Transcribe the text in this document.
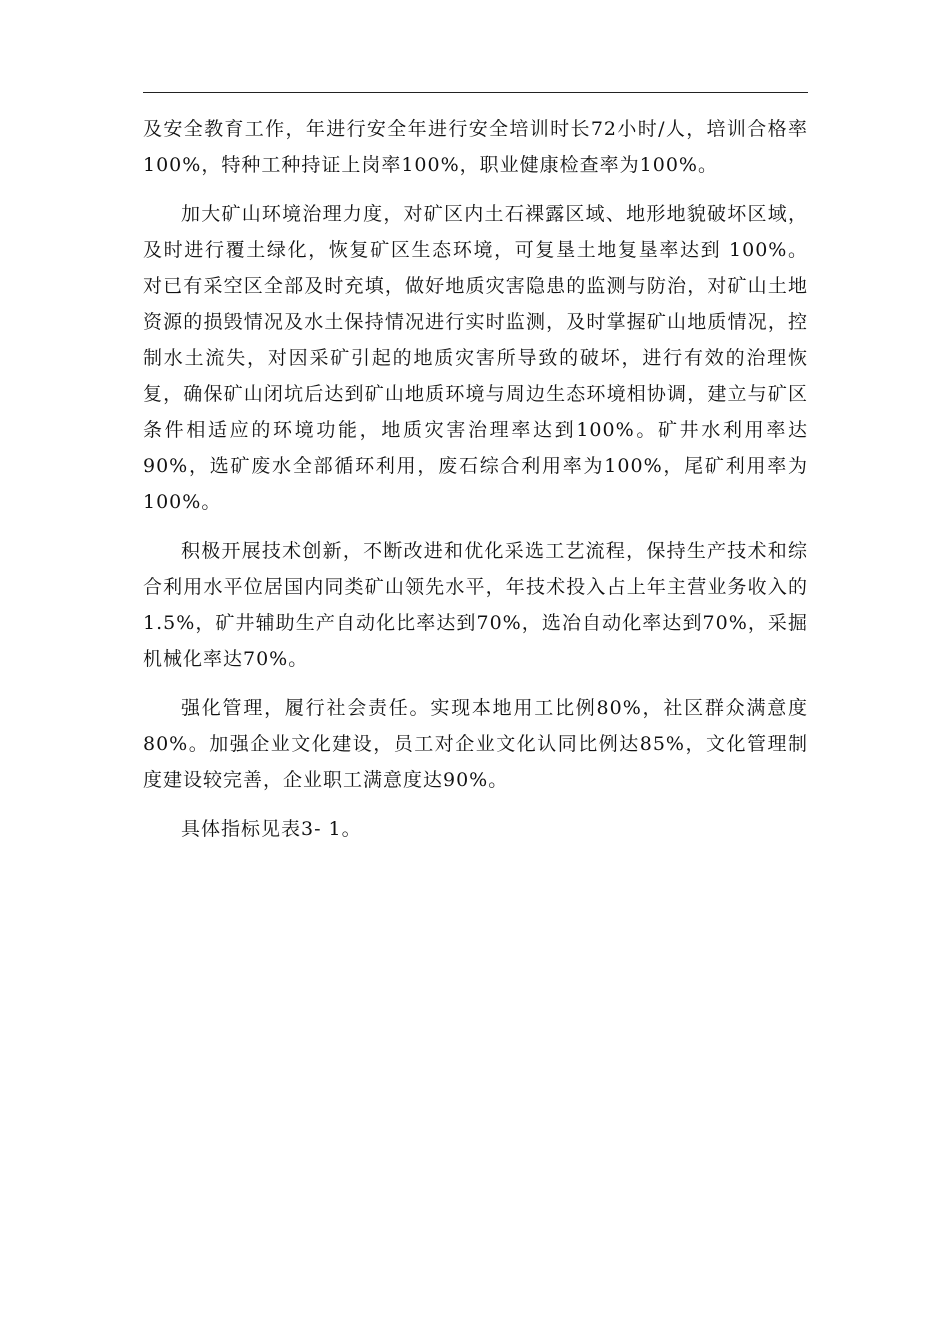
及安全教育工作，年进行安全年进行安全培训时长72小时/人，培训合格率100%，特种工种持证上岗率100%，职业健康检查率为100%。

加大矿山环境治理力度，对矿区内土石裸露区域、地形地貌破坏区域，及时进行覆土绿化，恢复矿区生态环境，可复垦土地复垦率达到 100%。对已有采空区全部及时充填，做好地质灾害隐患的监测与防治，对矿山土地资源的损毁情况及水土保持情况进行实时监测，及时掌握矿山地质情况，控制水土流失，对因采矿引起的地质灾害所导致的破坏，进行有效的治理恢复，确保矿山闭坑后达到矿山地质环境与周边生态环境相协调，建立与矿区条件相适应的环境功能，地质灾害治理率达到100%。矿井水利用率达90%，选矿废水全部循环利用，废石综合利用率为100%，尾矿利用率为100%。

积极开展技术创新，不断改进和优化采选工艺流程，保持生产技术和综合利用水平位居国内同类矿山领先水平，年技术投入占上年主营业务收入的1.5%，矿井辅助生产自动化比率达到70%，选冶自动化率达到70%，采掘机械化率达70%。

强化管理，履行社会责任。实现本地用工比例80%，社区群众满意度80%。加强企业文化建设，员工对企业文化认同比例达85%，文化管理制度建设较完善，企业职工满意度达90%。

具体指标见表3- 1。
